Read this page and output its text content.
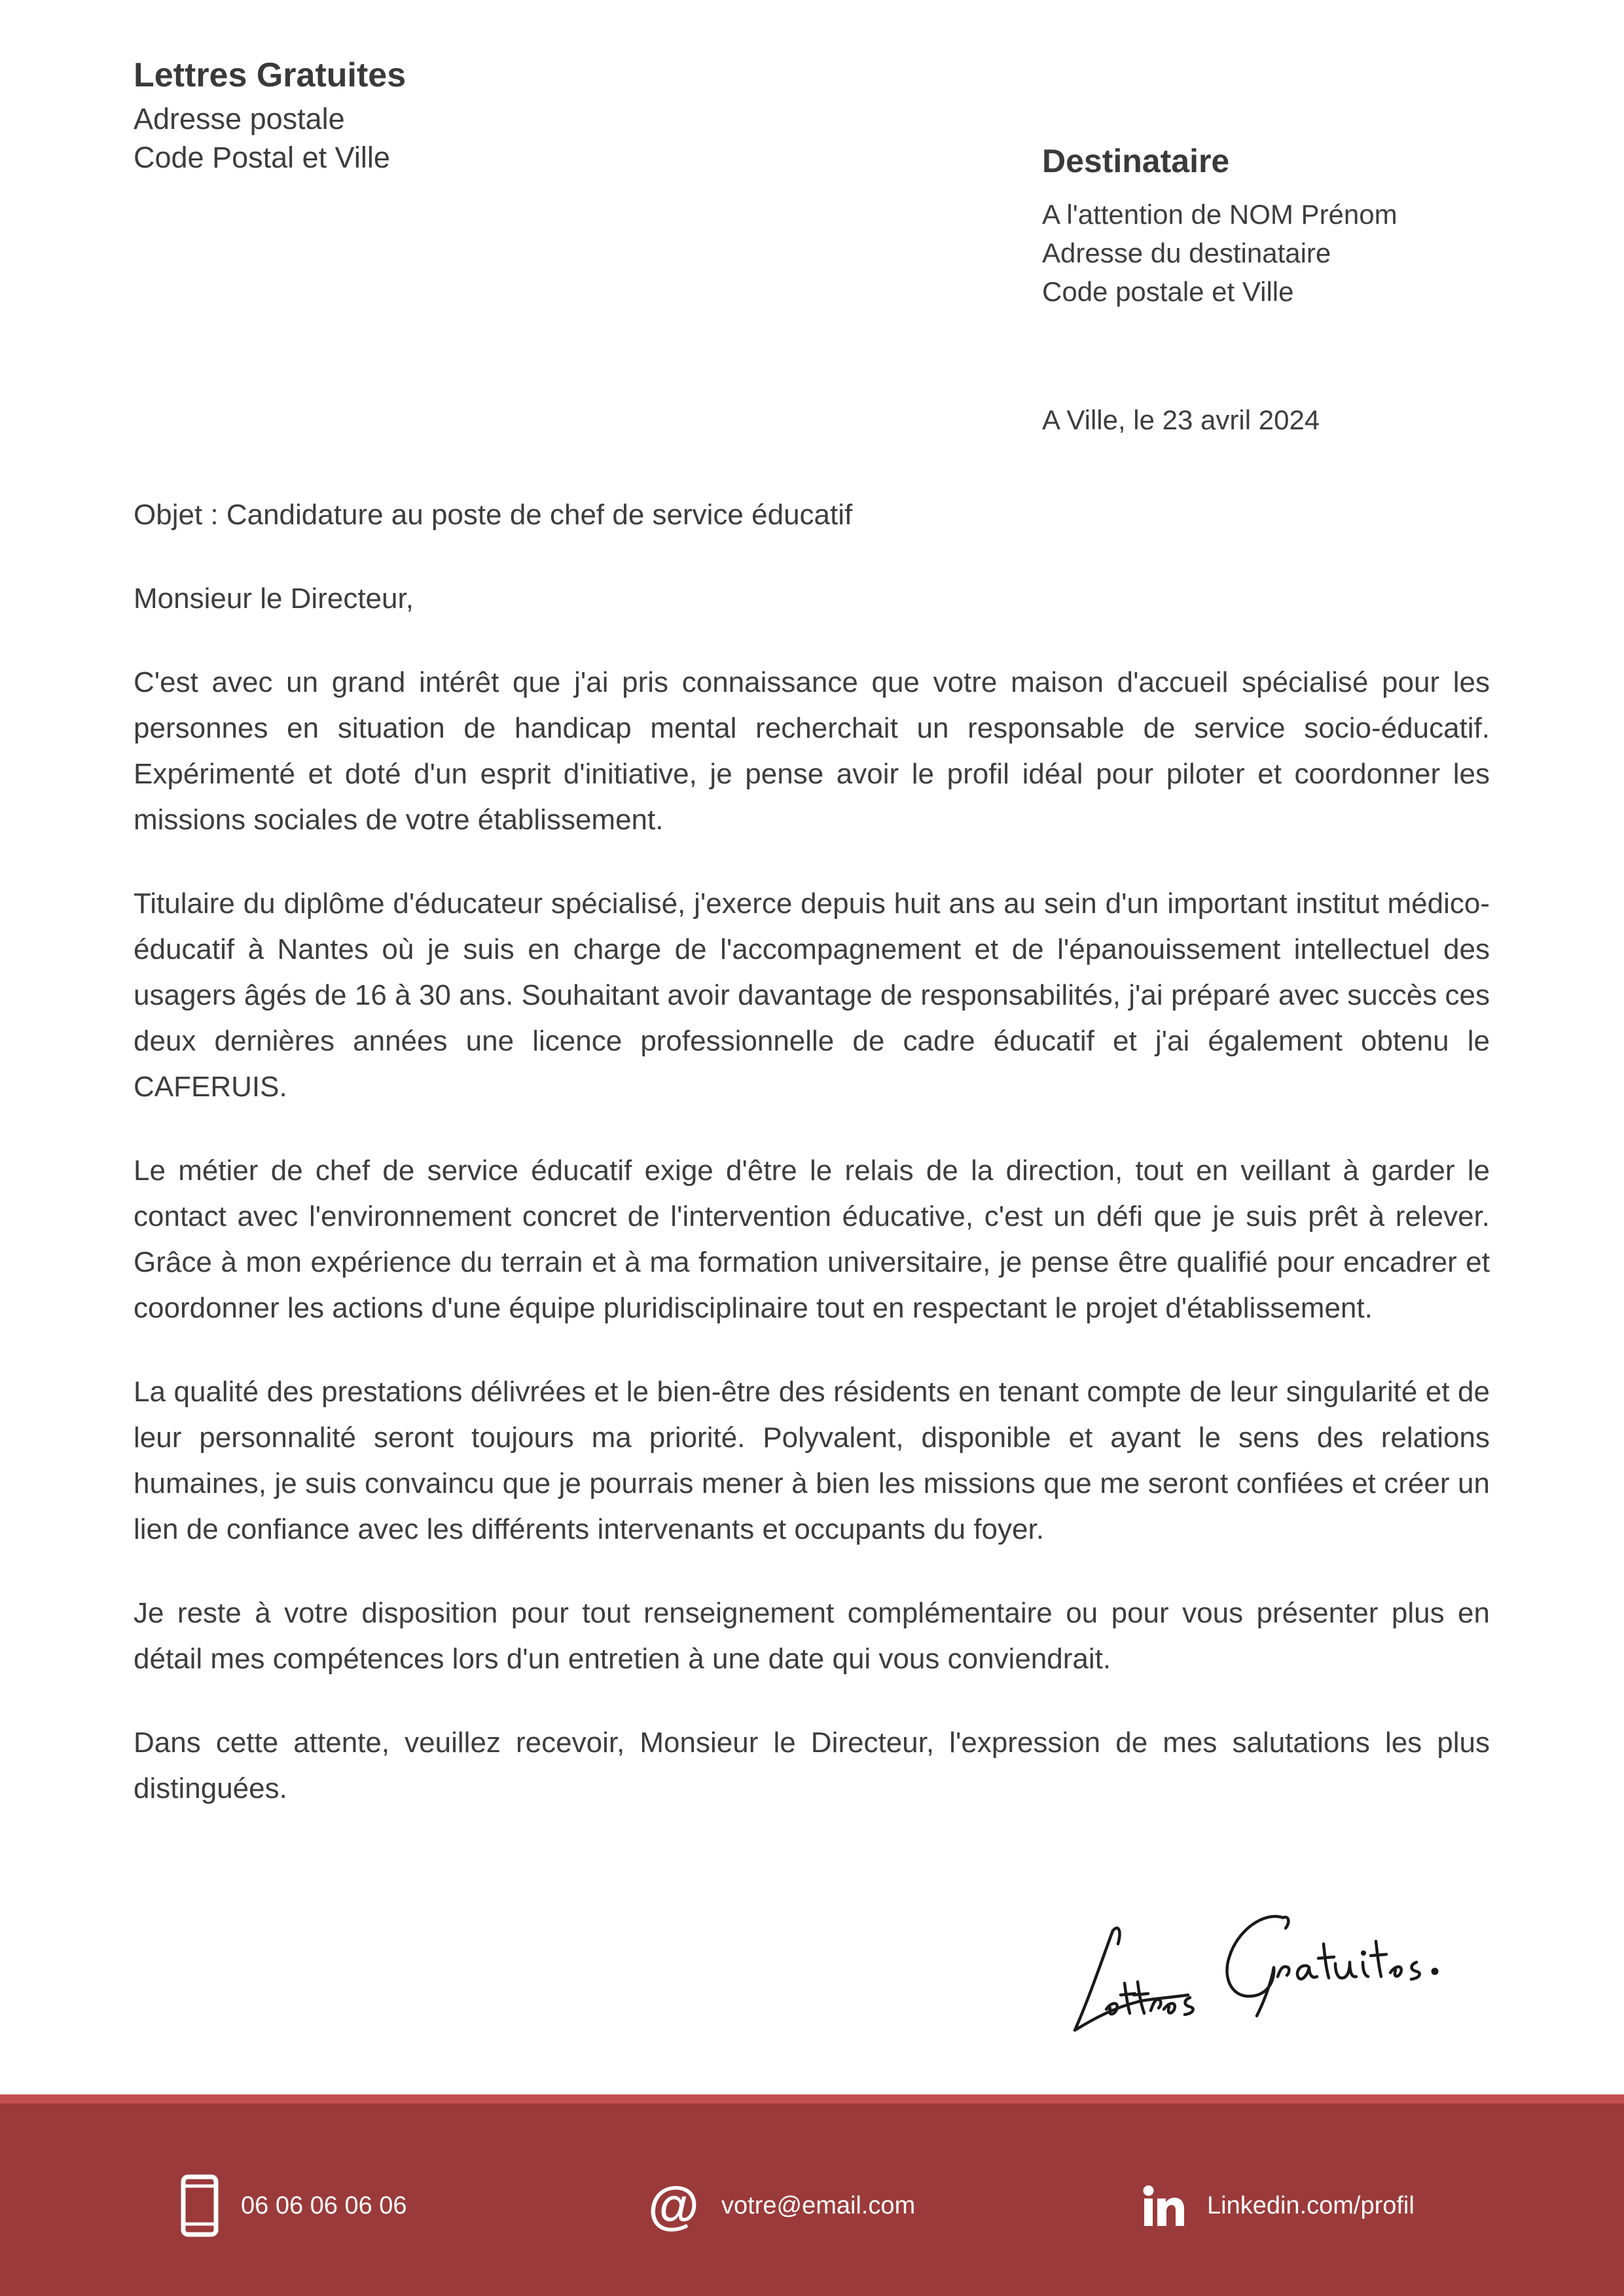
Lettres Gratuites
Adresse postale
Code Postal et Ville	Destinataire
A l'attention de NOM Prénom
Adresse du destinataire
Code postale et Ville
A Ville, le 23 avril 2024

Objet : Candidature au poste de chef de service éducatif

Monsieur le Directeur,

C'est avec un grand intérêt que j'ai pris connaissance que votre maison d'accueil spécialisé pour les personnes en situation de handicap mental recherchait un responsable de service socio-éducatif. Expérimenté et doté d'un esprit d'initiative, je pense avoir le profil idéal pour piloter et coordonner les missions sociales de votre établissement.

Titulaire du diplôme d'éducateur spécialisé, j'exerce depuis huit ans au sein d'un important institut médico-éducatif à Nantes où je suis en charge de l'accompagnement et de l'épanouissement intellectuel des usagers âgés de 16 à 30 ans. Souhaitant avoir davantage de responsabilités, j'ai préparé avec succès ces deux dernières années une licence professionnelle de cadre éducatif et j'ai également obtenu le CAFERUIS.

Le métier de chef de service éducatif exige d'être le relais de la direction, tout en veillant à garder le contact avec l'environnement concret de l'intervention éducative, c'est un défi que je suis prêt à relever. Grâce à mon expérience du terrain et à ma formation universitaire, je pense être qualifié pour encadrer et coordonner les actions d'une équipe pluridisciplinaire tout en respectant le projet d'établissement.

La qualité des prestations délivrées et le bien-être des résidents en tenant compte de leur singularité et de leur personnalité seront toujours ma priorité. Polyvalent, disponible et ayant le sens des relations humaines, je suis convaincu que je pourrais mener à bien les missions que me seront confiées et créer un lien de confiance avec les différents intervenants et occupants du foyer.

Je reste à votre disposition pour tout renseignement complémentaire ou pour vous présenter plus en détail mes compétences lors d'un entretien à une date qui vous conviendrait.

Dans cette attente, veuillez recevoir, Monsieur le Directeur, l'expression de mes salutations les plus distinguées.

06 06 06 06 06	@ votre@email.com	Linkedin.com/profil
